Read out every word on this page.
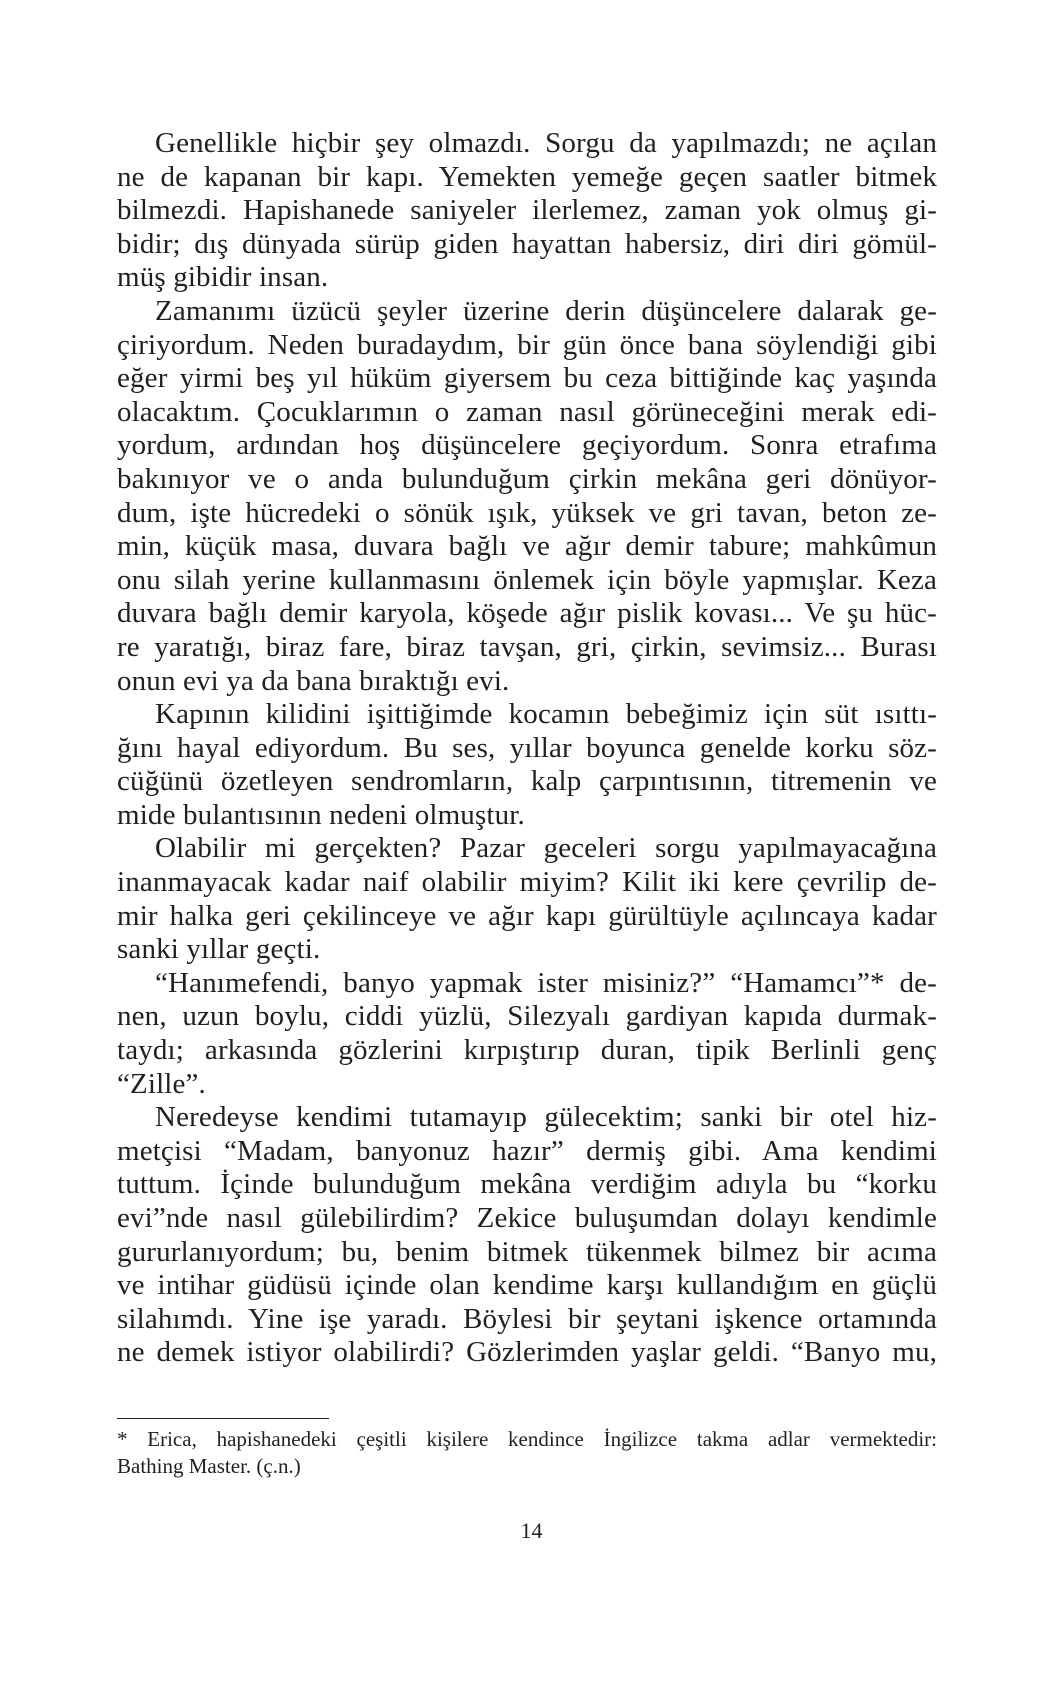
Genellikle hiçbir şey olmazdı. Sorgu da yapılmazdı; ne açılan
ne de kapanan bir kapı. Yemekten yemeğe geçen saatler bitmek
bilmezdi. Hapishanede saniyeler ilerlemez, zaman yok olmuş gi-
bidir; dış dünyada sürüp giden hayattan habersiz, diri diri gömül-
müş gibidir insan.
Zamanımı üzücü şeyler üzerine derin düşüncelere dalarak ge-
çiriyordum. Neden buradaydım, bir gün önce bana söylendiği gibi
eğer yirmi beş yıl hüküm giyersem bu ceza bittiğinde kaç yaşında
olacaktım. Çocuklarımın o zaman nasıl görüneceğini merak edi-
yordum, ardından hoş düşüncelere geçiyordum. Sonra etrafıma
bakınıyor ve o anda bulunduğum çirkin mekâna geri dönüyor-
dum, işte hücredeki o sönük ışık, yüksek ve gri tavan, beton ze-
min, küçük masa, duvara bağlı ve ağır demir tabure; mahkûmun
onu silah yerine kullanmasını önlemek için böyle yapmışlar. Keza
duvara bağlı demir karyola, köşede ağır pislik kovası... Ve şu hüc-
re yaratığı, biraz fare, biraz tavşan, gri, çirkin, sevimsiz... Burası
onun evi ya da bana bıraktığı evi.
Kapının kilidini işittiğimde kocamın bebeğimiz için süt ısıttı-
ğını hayal ediyordum. Bu ses, yıllar boyunca genelde korku söz-
cüğünü özetleyen sendromların, kalp çarpıntısının, titremenin ve
mide bulantısının nedeni olmuştur.
Olabilir mi gerçekten? Pazar geceleri sorgu yapılmayacağına
inanmayacak kadar naif olabilir miyim? Kilit iki kere çevrilip de-
mir halka geri çekilinceye ve ağır kapı gürültüyle açılıncaya kadar
sanki yıllar geçti.
“Hanımefendi, banyo yapmak ister misiniz?” “Hamamcı”* de-
nen, uzun boylu, ciddi yüzlü, Silezyalı gardiyan kapıda durmak-
taydı; arkasında gözlerini kırpıştırıp duran, tipik Berlinli genç
“Zille”.
Neredeyse kendimi tutamayıp gülecektim; sanki bir otel hiz-
metçisi “Madam, banyonuz hazır” dermiş gibi. Ama kendimi
tuttum. İçinde bulunduğum mekâna verdiğim adıyla bu “korku
evi”nde nasıl gülebilirdim? Zekice buluşumdan dolayı kendimle
gururlanıyordum; bu, benim bitmek tükenmek bilmez bir acıma
ve intihar güdüsü içinde olan kendime karşı kullandığım en güçlü
silahımdı. Yine işe yaradı. Böylesi bir şeytani işkence ortamında
ne demek istiyor olabilirdi? Gözlerimden yaşlar geldi. “Banyo mu,
* Erica, hapishanedeki çeşitli kişilere kendince İngilizce takma adlar vermektedir:
Bathing Master. (ç.n.)
14
